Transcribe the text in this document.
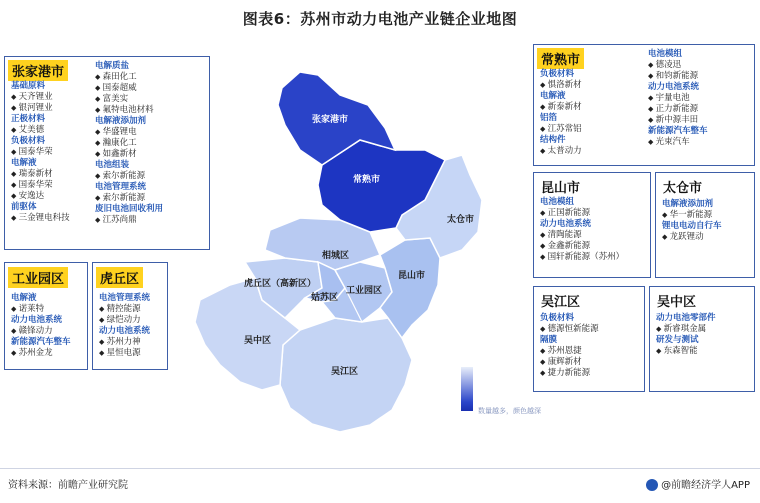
图表6：苏州市动力电池产业链企业地图
张家港市
常熟市
太仓市
相城区
虎丘区（高新区）
姑苏区
工业园区
昆山市
吴中区
吴江区
数量越多，颜色越深
张家港市
基础原料
◆ 天齐锂业
◆ 银河锂业
正极材料
◆ 艾美德
负极材料
◆ 国泰华荣
电解液
◆ 瑞泰新材
◆ 国泰华荣
◆ 安逸达
前驱体
◆ 三金锂电科技
电解质盐
◆ 森田化工
◆ 国泰超威
◆ 富美实
◆ 氟特电池材料
电解液添加剂
◆ 华盛锂电
◆ 瀚康化工
◆ 如鑫新材
电池组装
◆ 索尔新能源
电池管理系统
◆ 索尔新能源
废旧电池回收利用
◆ 江苏尚鼎
工业园区
电解液
◆ 诺莱特
动力电池系统
◆ 赣锋动力
新能源汽车整车
◆ 苏州金龙
虎丘区
电池管理系统
◆ 精控能源
◆ 绿恺动力
动力电池系统
◆ 苏州力神
◆ 星恒电源
常熟市
负极材料
◆ 惧洛新材
电解液
◆ 新泰新材
铝箔
◆ 江苏常铝
结构件
◆ 太普动力
电池模组
◆ 德凌迅
◆ 和钧新能源
动力电池系统
◆ 宇量电池
◆ 正力新能源
◆ 新中源丰田
新能源汽车整车
◆ 光束汽车
昆山市
电池模组
◆ 正国新能源
动力电池系统
◆ 清陶能源
◆ 金鑫新能源
◆ 国轩新能源（苏州）
太仓市
电解液添加剂
◆ 华一新能源
锂电电动自行车
◆ 龙跃锂动
吴江区
负极材料
◆ 德源恒新能源
隔膜
◆ 苏州恩捷
◆ 康辉新材
◆ 捷力新能源
吴中区
动力电池零部件
◆ 新睿琪金属
研发与测试
◆ 东森智能
资料来源：前瞻产业研究院	@前瞻经济学人APP
